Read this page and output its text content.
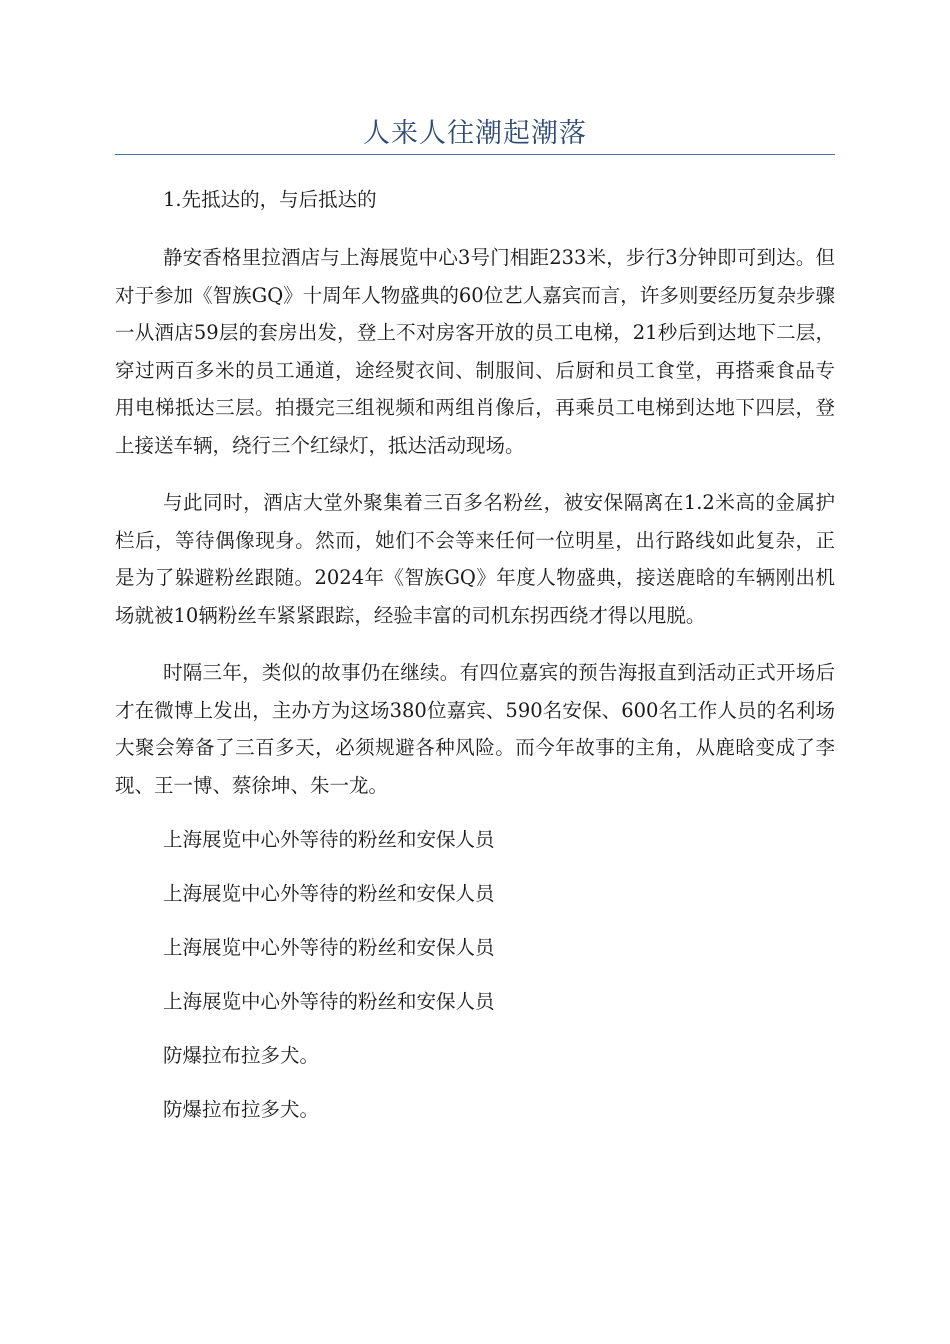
人来人往潮起潮落
1.先抵达的，与后抵达的

静安香格里拉酒店与上海展览中心3号门相距233米，步行3分钟即可到达。但对于参加《智族GQ》十周年人物盛典的60位艺人嘉宾而言，许多则要经历复杂步骤一从酒店59层的套房出发，登上不对房客开放的员工电梯，21秒后到达地下二层，穿过两百多米的员工通道，途经熨衣间、制服间、后厨和员工食堂，再搭乘食品专用电梯抵达三层。拍摄完三组视频和两组肖像后，再乘员工电梯到达地下四层，登上接送车辆，绕行三个红绿灯，抵达活动现场。

与此同时，酒店大堂外聚集着三百多名粉丝，被安保隔离在1.2米高的金属护栏后，等待偶像现身。然而，她们不会等来任何一位明星，出行路线如此复杂，正是为了躲避粉丝跟随。2024年《智族GQ》年度人物盛典，接送鹿晗的车辆刚出机场就被10辆粉丝车紧紧跟踪，经验丰富的司机东拐西绕才得以甩脱。

时隔三年，类似的故事仍在继续。有四位嘉宾的预告海报直到活动正式开场后才在微博上发出，主办方为这场380位嘉宾、590名安保、600名工作人员的名利场大聚会筹备了三百多天，必须规避各种风险。而今年故事的主角，从鹿晗变成了李现、王一博、蔡徐坤、朱一龙。

上海展览中心外等待的粉丝和安保人员

上海展览中心外等待的粉丝和安保人员

上海展览中心外等待的粉丝和安保人员

上海展览中心外等待的粉丝和安保人员

防爆拉布拉多犬。

防爆拉布拉多犬。
